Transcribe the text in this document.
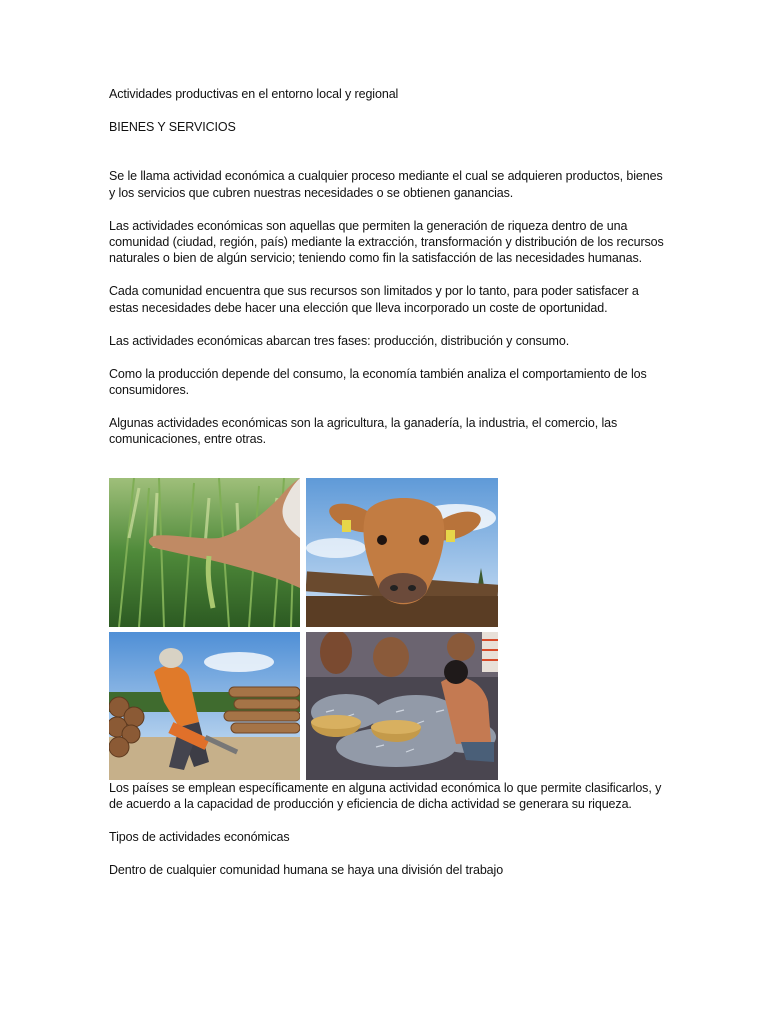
Actividades productivas en el entorno local y regional

BIENES Y SERVICIOS

Se le llama actividad económica a cualquier proceso mediante el cual se adquieren productos, bienes y los servicios que cubren nuestras necesidades o se obtienen ganancias.

Las actividades económicas son aquellas que permiten la generación de riqueza dentro de una comunidad (ciudad, región, país) mediante la extracción, transformación y distribución de los recursos naturales o bien de algún servicio; teniendo como fin la satisfacción de las necesidades humanas.

Cada comunidad encuentra que sus recursos son limitados y por lo tanto, para poder satisfacer a estas necesidades debe hacer una elección que lleva incorporado un coste de oportunidad.

Las actividades económicas abarcan tres fases: producción, distribución y consumo.

Como la producción depende del consumo, la economía también analiza el comportamiento de los consumidores.

Algunas actividades económicas son la agricultura, la ganadería, la industria, el comercio, las comunicaciones, entre otras.

Los países se emplean específicamente en alguna actividad económica lo que permite clasificarlos, y de acuerdo a la capacidad de producción y eficiencia de dicha actividad se generara su riqueza.

Tipos de actividades económicas

Dentro de cualquier comunidad humana se haya una división del trabajo
